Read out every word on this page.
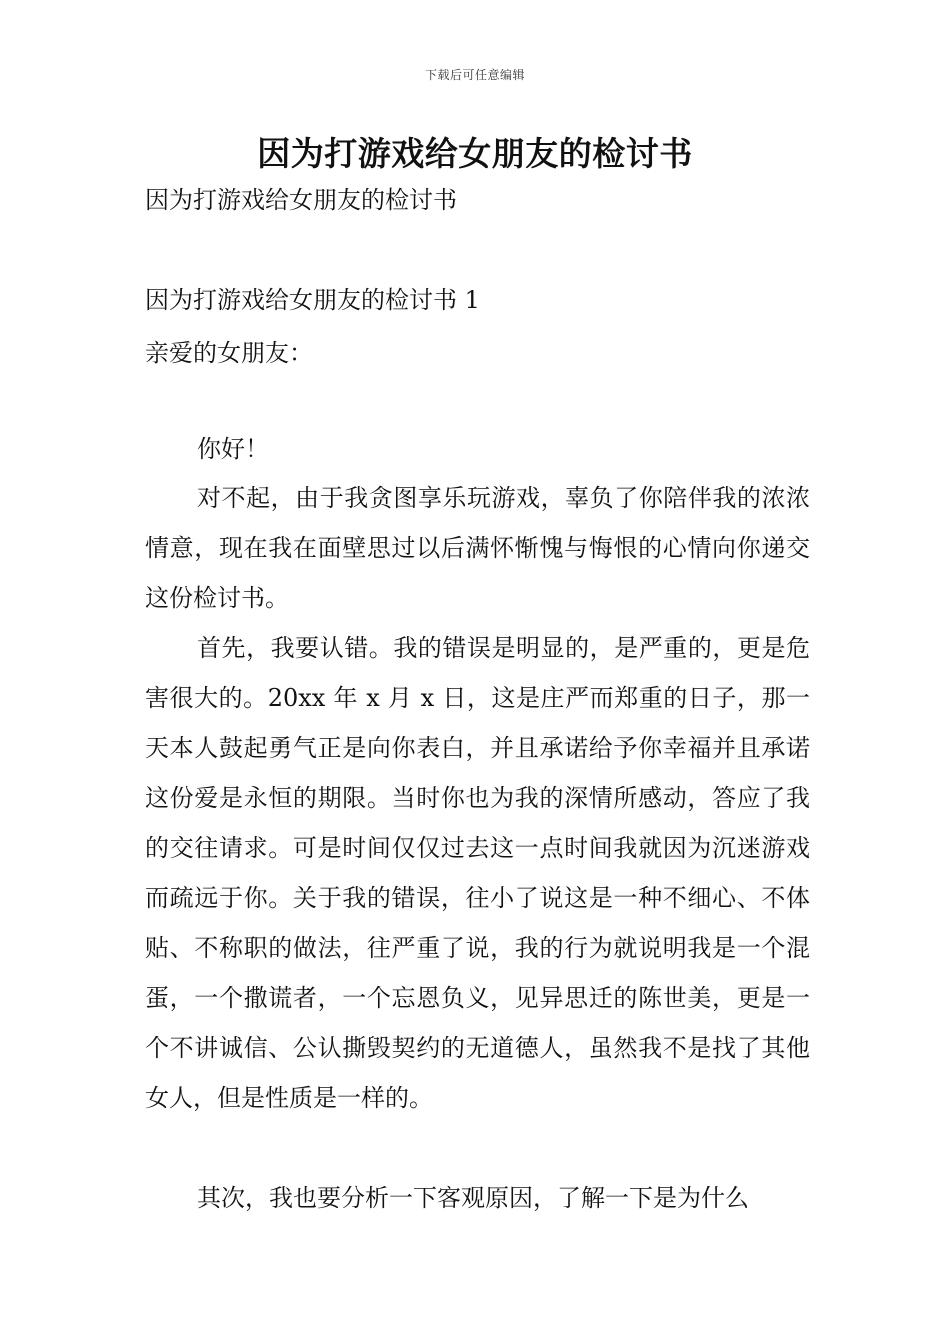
下载后可任意编辑
因为打游戏给女朋友的检讨书
因为打游戏给女朋友的检讨书
因为打游戏给女朋友的检讨书 1
亲爱的女朋友：
你好！

对不起，由于我贪图享乐玩游戏，辜负了你陪伴我的浓浓情意，现在我在面壁思过以后满怀惭愧与悔恨的心情向你递交这份检讨书。

首先，我要认错。我的错误是明显的，是严重的，更是危害很大的。20xx 年 x 月 x 日，这是庄严而郑重的日子，那一天本人鼓起勇气正是向你表白，并且承诺给予你幸福并且承诺这份爱是永恒的期限。当时你也为我的深情所感动，答应了我的交往请求。可是时间仅仅过去这一点时间我就因为沉迷游戏而疏远于你。关于我的错误，往小了说这是一种不细心、不体贴、不称职的做法，往严重了说，我的行为就说明我是一个混蛋，一个撒谎者，一个忘恩负义，见异思迁的陈世美，更是一个不讲诚信、公认撕毁契约的无道德人，虽然我不是找了其他女人，但是性质是一样的。

其次，我也要分析一下客观原因，了解一下是为什么
